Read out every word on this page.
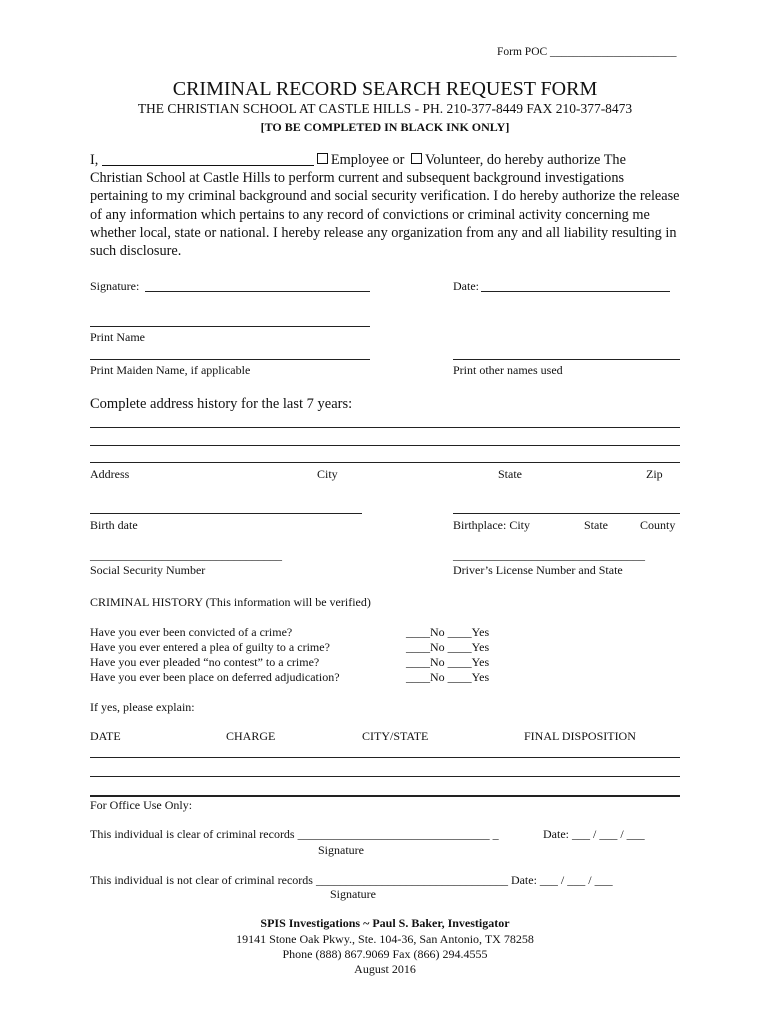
Form POC ______________________
CRIMINAL RECORD SEARCH REQUEST FORM
THE CHRISTIAN SCHOOL AT CASTLE HILLS - PH. 210-377-8449 FAX 210-377-8473
[TO BE COMPLETED IN BLACK INK ONLY]
I,	Employee or Volunteer, do hereby authorize The Christian School at Castle Hills to perform current and subsequent background investigations pertaining to my criminal background and social security verification. I do hereby authorize the release of any information which pertains to any record of convictions or criminal activity concerning me whether local, state or national. I hereby release any organization from any and all liability resulting in such disclosure.
Signature:	Date:
Print Name
Print Maiden Name, if applicable	Print other names used
Complete address history for the last 7 years:
Address	City	State	Zip
Birth date	Birthplace: City	State	County
________________________________
Social Security Number
________________________________
Driver’s License Number and State
CRIMINAL HISTORY (This information will be verified)
Have you ever been convicted of a crime?	____No ____Yes
Have you ever entered a plea of guilty to a crime?	____No ____Yes
Have you ever pleaded “no contest” to a crime?	____No ____Yes
Have you ever been place on deferred adjudication?	____No ____Yes
If yes, please explain:
DATE	CHARGE	CITY/STATE	FINAL DISPOSITION
For Office Use Only:
This individual is clear of criminal records ________________________________ _	Date: ___ / ___ / ___
Signature
This individual is not clear of criminal records ________________________________ Date: ___ / ___ / ___
Signature
SPIS Investigations ~ Paul S. Baker, Investigator
19141 Stone Oak Pkwy., Ste. 104-36, San Antonio, TX 78258
Phone (888) 867.9069 Fax (866) 294.4555
August 2016
